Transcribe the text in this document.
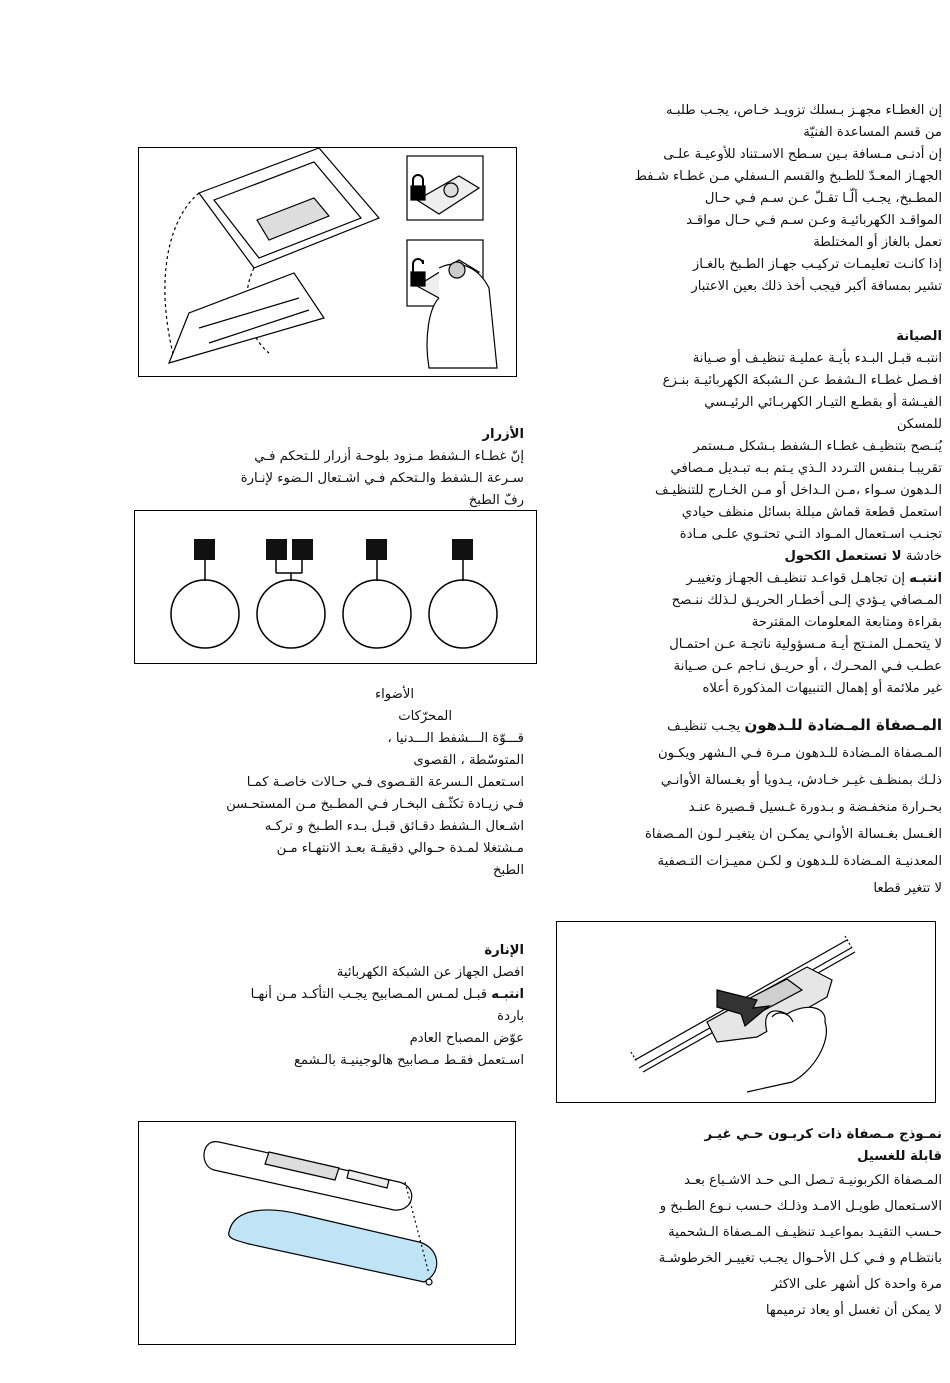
إن الغطـاء مجهـز بـسلك تزويـد خـاص، يجـب طلبـه
من قسم المساعدة الفنيّة
إن أدنـى مـسافة بـين سـطح الاسـتناد للأوعيـة علـى
الجهـاز المعـدّ للطـبخ والقسم الـسفلي مـن غطـاء شـفط
المطـبخ، يجـب ألّـا تقـلّ عـن سـم فـي حـال
المواقـد الكهربائيـة وعـن سـم فـي حـال مواقـد
تعمل بالغاز أو المختلطة
إذا كانـت تعليمـات تركيـب جهـاز الطـبخ بالغـاز
تشير بمسافة أكبر فيجب أخذ ذلك بعين الاعتبار
الصيانة
انتبـه قبـل البـدء بأيـة عمليـة تنظيـف أو صـيانة
افـصل غطـاء الـشفط عـن الـشبكة الكهربائيـة بنـزع
الفيـشة أو بقطـع التيـار الكهربـائي الرئيـسي
للمسكن
يُنـصح بتنظيـف غطـاء الـشفط بـشكل مـستمر
تقريبـا بـنفس التـردد الـذي يـتم بـه تبـديل مـصافي
الـدهون سـواء ،مـن الـداخل أو مـن الخـارج للتنظيـف
استعمل قطعة قماش مبللة بسائل منظف حيادي
تجنـب اسـتعمال المـواد التـي تحتـوي علـى مـادة
خادشة لا تستعمل الكحول
انتبـه إن تجاهـل قواعـد تنظيـف الجهـاز وتغييـر
المـصافي يـؤدي إلـى أخطـار الحريـق لـذلك ننـصح
بقراءة ومتابعة المعلومات المقترحة
لا يتحمـل المنـتج أيـة مـسؤولية ناتجـة عـن احتمـال
عطـب فـي المحـرك ، أو حريـق نـاجم عـن صـيانة
غير ملائمة أو إهمال التنبيهات المذكورة أعلاه
المـصفاة المـضادة للـدهون يجـب تنظيـف
المـصفاة المـضادة للـدهون مـرة فـي الـشهر ويكـون
ذلـك بمنظـف غيـر خـادش، يـدويا أو بغـسالة الأوانـي
بحـرارة منخفـضة و بـدورة غـسيل قـصيرة عنـد
الغـسل بغـسالة الأوانـي يمكـن ان يتغيـر لـون المـصفاة
المعدنيـة المـضادة للـدهون و لكـن مميـزات التـصفية
لا تتغير قطعا
نمـوذج مـصفاة ذات كربـون حـي غيـر
قابلة للغسيل
المـصفاة الكربونيـة تـصل الـى حـد الاشـباع بعـد
الاسـتعمال طويـل الامـد وذلـك حـسب نـوع الطـبخ و
حـسب التقيـد بمواعيـد تنظيـف المـصفاة الـشحمية
بانتظـام و فـي كـل الأحـوال يجـب تغييـر الخرطوشـة
مرة واحدة كل أشهر على الاكثر
لا يمكن أن تغسل أو يعاد ترميمها
الأزرار
إنّ غطـاء الـشفط مـزود بلوحـة أزرار للـتحكم فـي
سـرعة الـشفط والـتحكم فـي اشـتعال الـضوء لإنـارة
رفّ الطبخ
الأضواء
المحرّكات
قـــوّة الـــشفط الـــدنيا ،
المتوسّطة ، القصوى
اسـتعمل الـسرعة القـصوى فـي حـالات خاصـة كمـا
فـي زيـادة تكثّـف البخـار فـي المطـبخ مـن المستحـسن
اشـعال الـشفط دقـائق قبـل بـدء الطـبخ و تركـه
مـشتغلا لمـدة حـوالي دقيقـة بعـد الانتهـاء مـن
الطبخ
الإنارة
افصل الجهاز عن الشبكة الكهربائية
انتبـه قبـل لمـس المـصابيح يجـب التأكـد مـن أنهـا
باردة
عوّض المصباح العادم
اسـتعمل فقـط مـصابيح هالوجينيـة بالـشمع
